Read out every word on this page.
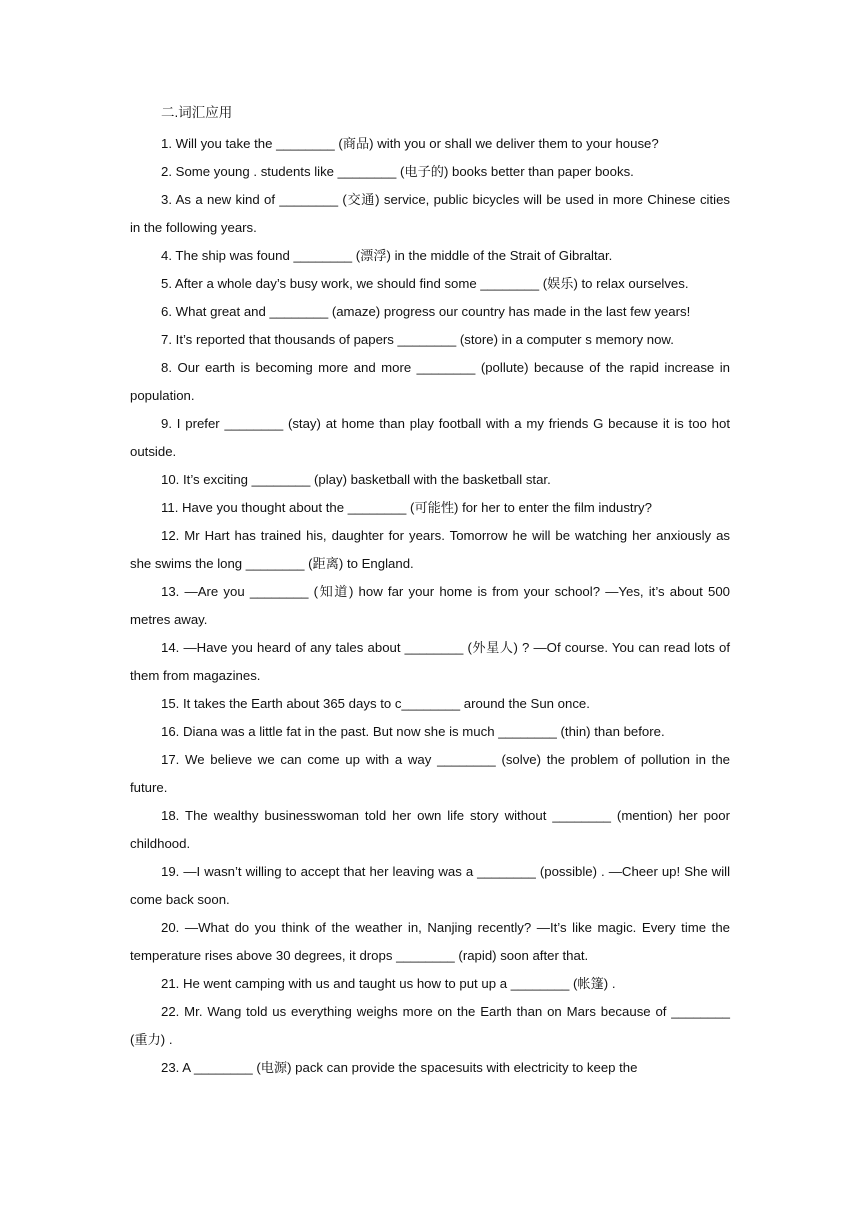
二.词汇应用

1. Will you take the ________ (商品) with you or shall we deliver them to your house?

2. Some young . students like ________ (电子的) books better than paper books.

3. As a new kind of ________ (交通) service, public bicycles will be used in more Chinese cities in the following years.

4. The ship was found ________ (漂浮) in the middle of the Strait of Gibraltar.

5. After a whole day’s busy work, we should find some ________ (娱乐) to relax ourselves.

6. What great and ________ (amaze) progress our country has made in the last few years!

7. It’s reported that thousands of papers ________ (store) in a computer s memory now.

8. Our earth is becoming more and more ________ (pollute) because of the rapid increase in population.

9. I prefer ________ (stay) at home than play football with a my friends G because it is too hot outside.

10. It’s exciting ________ (play) basketball with the basketball star.

11. Have you thought about the ________ (可能性) for her to enter the film industry?

12. Mr Hart has trained his, daughter for years. Tomorrow he will be watching her anxiously as she swims the long ________ (距离) to England.

13. —Are you ________ (知道) how far your home is from your school? —Yes, it’s about 500 metres away.

14. —Have you heard of any tales about ________ (外星人) ? —Of course. You can read lots of them from magazines.

15. It takes the Earth about 365 days to c________ around the Sun once.

16. Diana was a little fat in the past. But now she is much ________ (thin) than before.

17. We believe we can come up with a way ________ (solve) the problem of pollution in the future.

18. The wealthy businesswoman told her own life story without ________ (mention) her poor childhood.

19. —I wasn’t willing to accept that her leaving was a ________ (possible) . —Cheer up! She will come back soon.

20. —What do you think of the weather in, Nanjing recently? —It’s like magic. Every time the temperature rises above 30 degrees, it drops ________ (rapid) soon after that.

21. He went camping with us and taught us how to put up a ________ (帐篷) .

22. Mr. Wang told us everything weighs more on the Earth than on Mars because of ________ (重力) .

23. A ________ (电源) pack can provide the spacesuits with electricity to keep the
